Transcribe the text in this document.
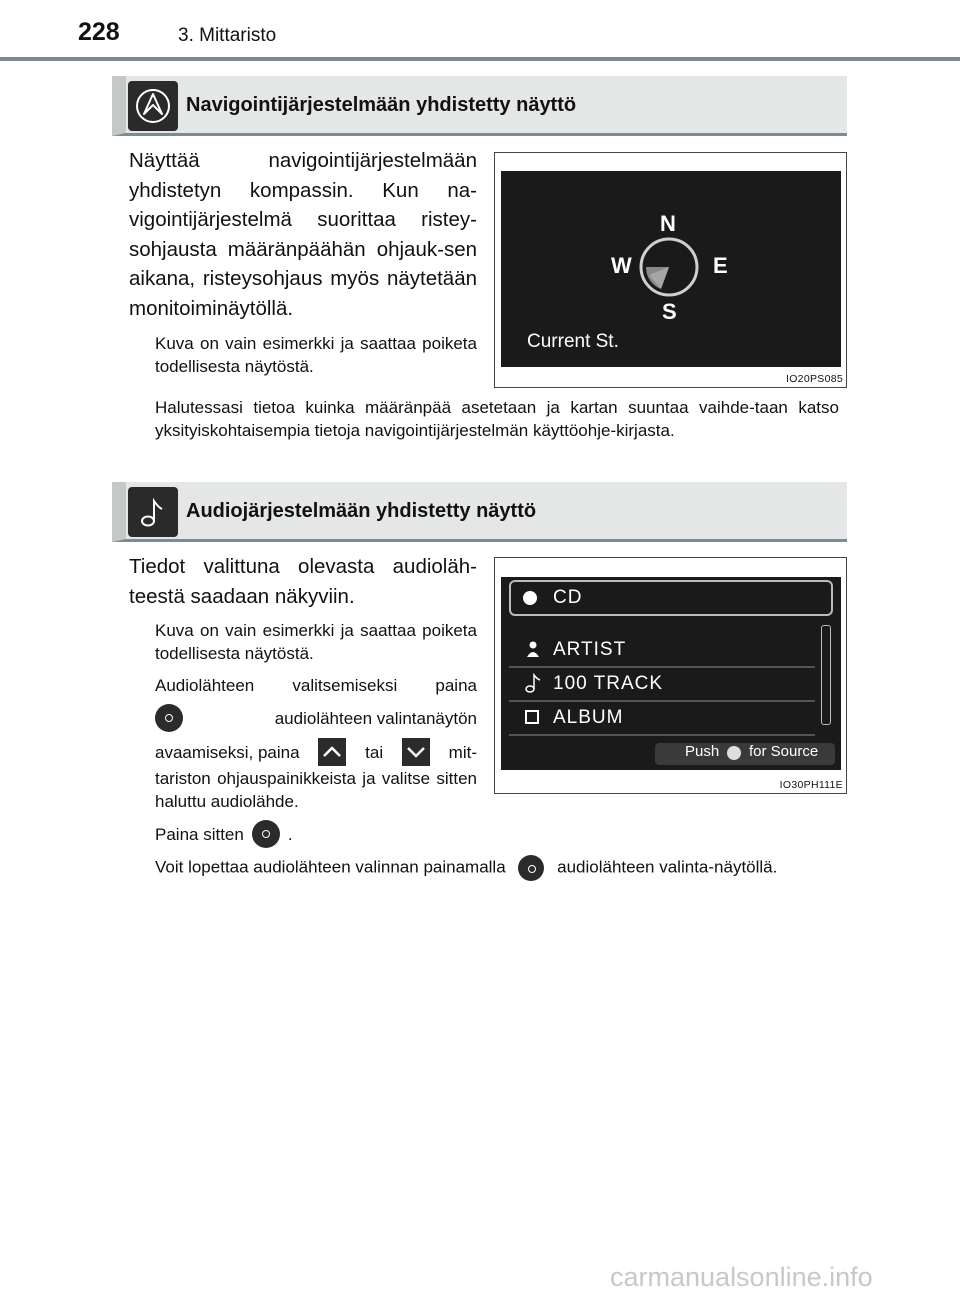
228	3. Mittaristo
Navigointijärjestelmään yhdistetty näyttö
Näyttää navigointijärjestelmään yhdistetyn kompassin. Kun na-vigointijärjestelmä suorittaa ristey-sohjausta määränpäähän ohjauk-sen aikana, risteysohjaus myös näytetään monitoiminäytöllä.
Kuva on vain esimerkki ja saattaa poiketa todellisesta näytöstä.
Halutessasi tietoa kuinka määränpää asetetaan ja kartan suuntaa vaihde-taan katso yksityiskohtaisempia tietoja navigointijärjestelmän käyttöohje-kirjasta.
N
E
S
W
Current St.
IO20PS085
Audiojärjestelmään yhdistetty näyttö
Tiedot valittuna olevasta audioläh-teestä saadaan näkyviin.
Kuva on vain esimerkki ja saattaa poiketa todellisesta näytöstä.
Audiolähteen valitsemiseksi paina
audiolähteen valintanäytön
avaamiseksi, paina	tai	mit-
tariston ohjauspainikkeista ja valitse sitten haluttu audiolähde.
Paina sitten	.
Voit lopettaa audiolähteen valinnan painamalla	audiolähteen valinta-näytöllä.
CD
ARTIST
100 TRACK
ALBUM
Push for Source
IO30PH111E
carmanualsonline.info
